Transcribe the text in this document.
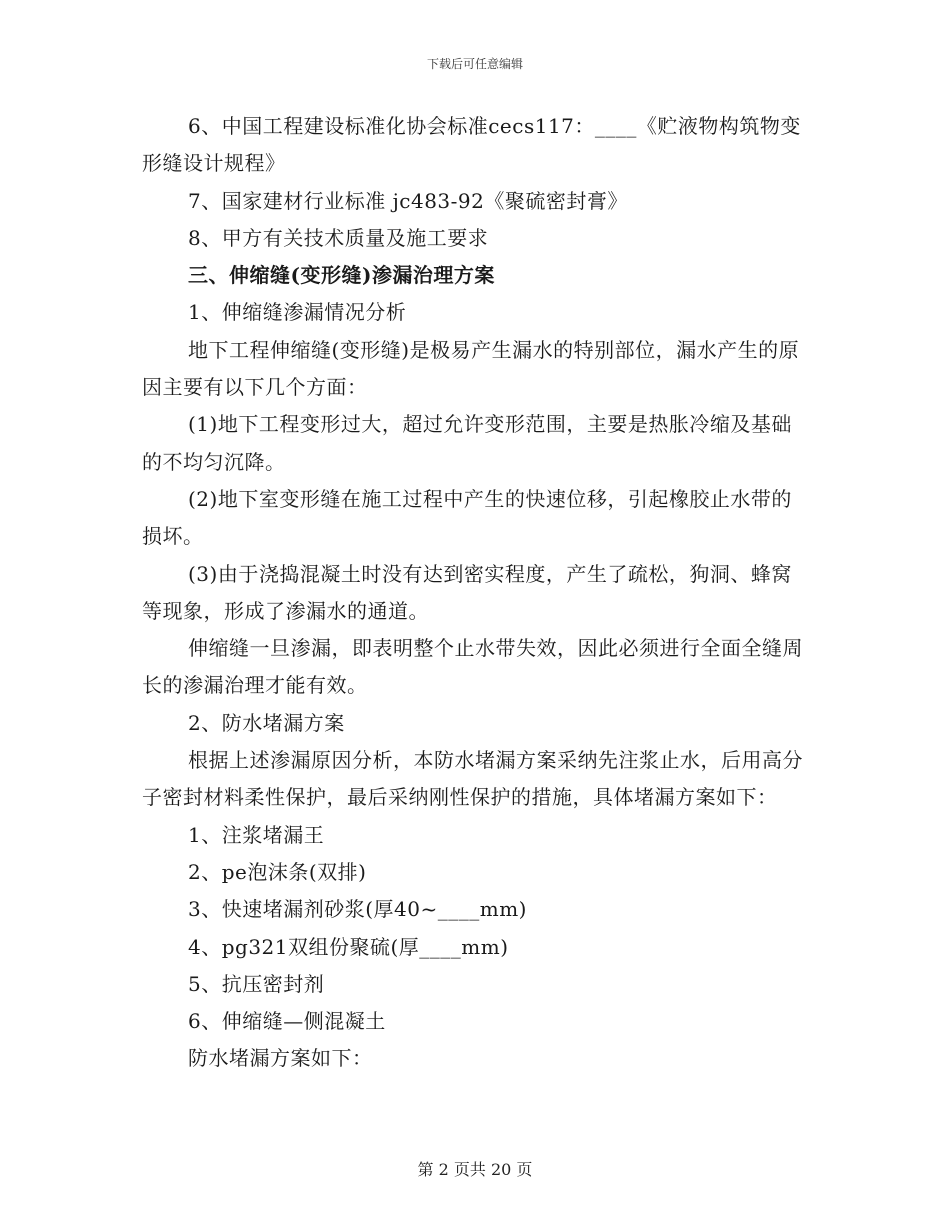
下载后可任意编辑

6、中国工程建设标准化协会标准cecs117：____《贮液物构筑物变形缝设计规程》

7、国家建材行业标准 jc483-92《聚硫密封膏》

8、甲方有关技术质量及施工要求

三、伸缩缝(变形缝)渗漏治理方案

1、伸缩缝渗漏情况分析

地下工程伸缩缝(变形缝)是极易产生漏水的特别部位，漏水产生的原因主要有以下几个方面：

(1)地下工程变形过大，超过允许变形范围，主要是热胀冷缩及基础的不均匀沉降。

(2)地下室变形缝在施工过程中产生的快速位移，引起橡胶止水带的损坏。

(3)由于浇捣混凝土时没有达到密实程度，产生了疏松，狗洞、蜂窝等现象，形成了渗漏水的通道。

伸缩缝一旦渗漏，即表明整个止水带失效，因此必须进行全面全缝周长的渗漏治理才能有效。

2、防水堵漏方案

根据上述渗漏原因分析，本防水堵漏方案采纳先注浆止水，后用高分子密封材料柔性保护，最后采纳刚性保护的措施，具体堵漏方案如下：

1、注浆堵漏王

2、pe泡沫条(双排)

3、快速堵漏剂砂浆(厚40~____mm)

4、pg321双组份聚硫(厚____mm)

5、抗压密封剂

6、伸缩缝—侧混凝土

防水堵漏方案如下：

第 2 页共 20 页
